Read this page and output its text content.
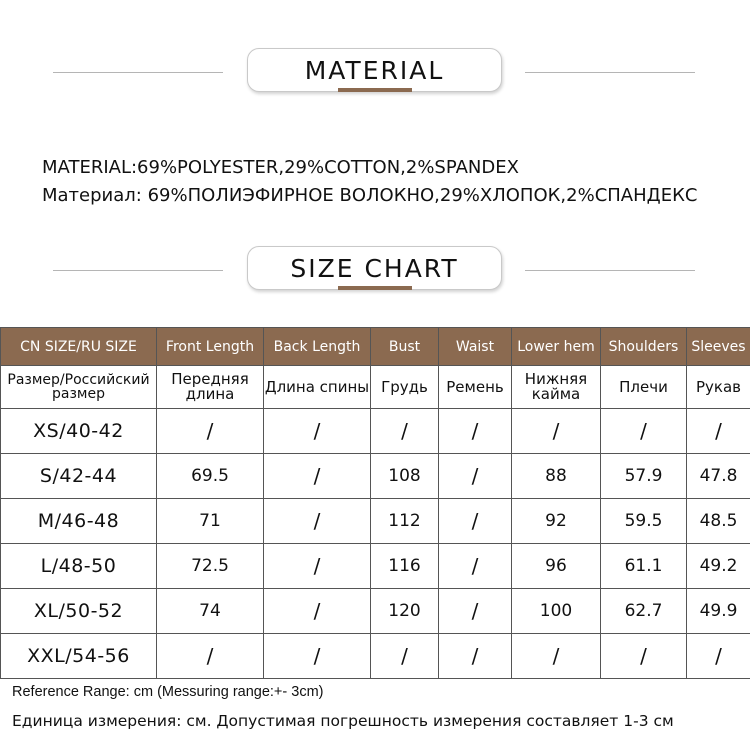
MATERIAL
MATERIAL:69%POLYESTER,29%COTTON,2%SPANDEX
Материал: 69%ПОЛИЭФИРНОЕ ВОЛОКНО,29%ХЛОПОК,2%СПАНДЕКС
SIZE CHART
CN SIZE/RU SIZE	Front Length	Back Length	Bust	Waist	Lower hem	Shoulders	Sleeves
Размер/Российский размер	Передняя длина	Длина спины	Грудь	Ремень	Нижняя кайма	Плечи	Рукав
XS/40-42	/	/	/	/	/	/	/
S/42-44	69.5	/	108	/	88	57.9	47.8
M/46-48	71	/	112	/	92	59.5	48.5
L/48-50	72.5	/	116	/	96	61.1	49.2
XL/50-52	74	/	120	/	100	62.7	49.9
XXL/54-56	/	/	/	/	/	/	/
Reference Range: cm (Messuring range:+- 3cm)
Единица измерения: см. Допустимая погрешность измерения составляет 1-3 см
